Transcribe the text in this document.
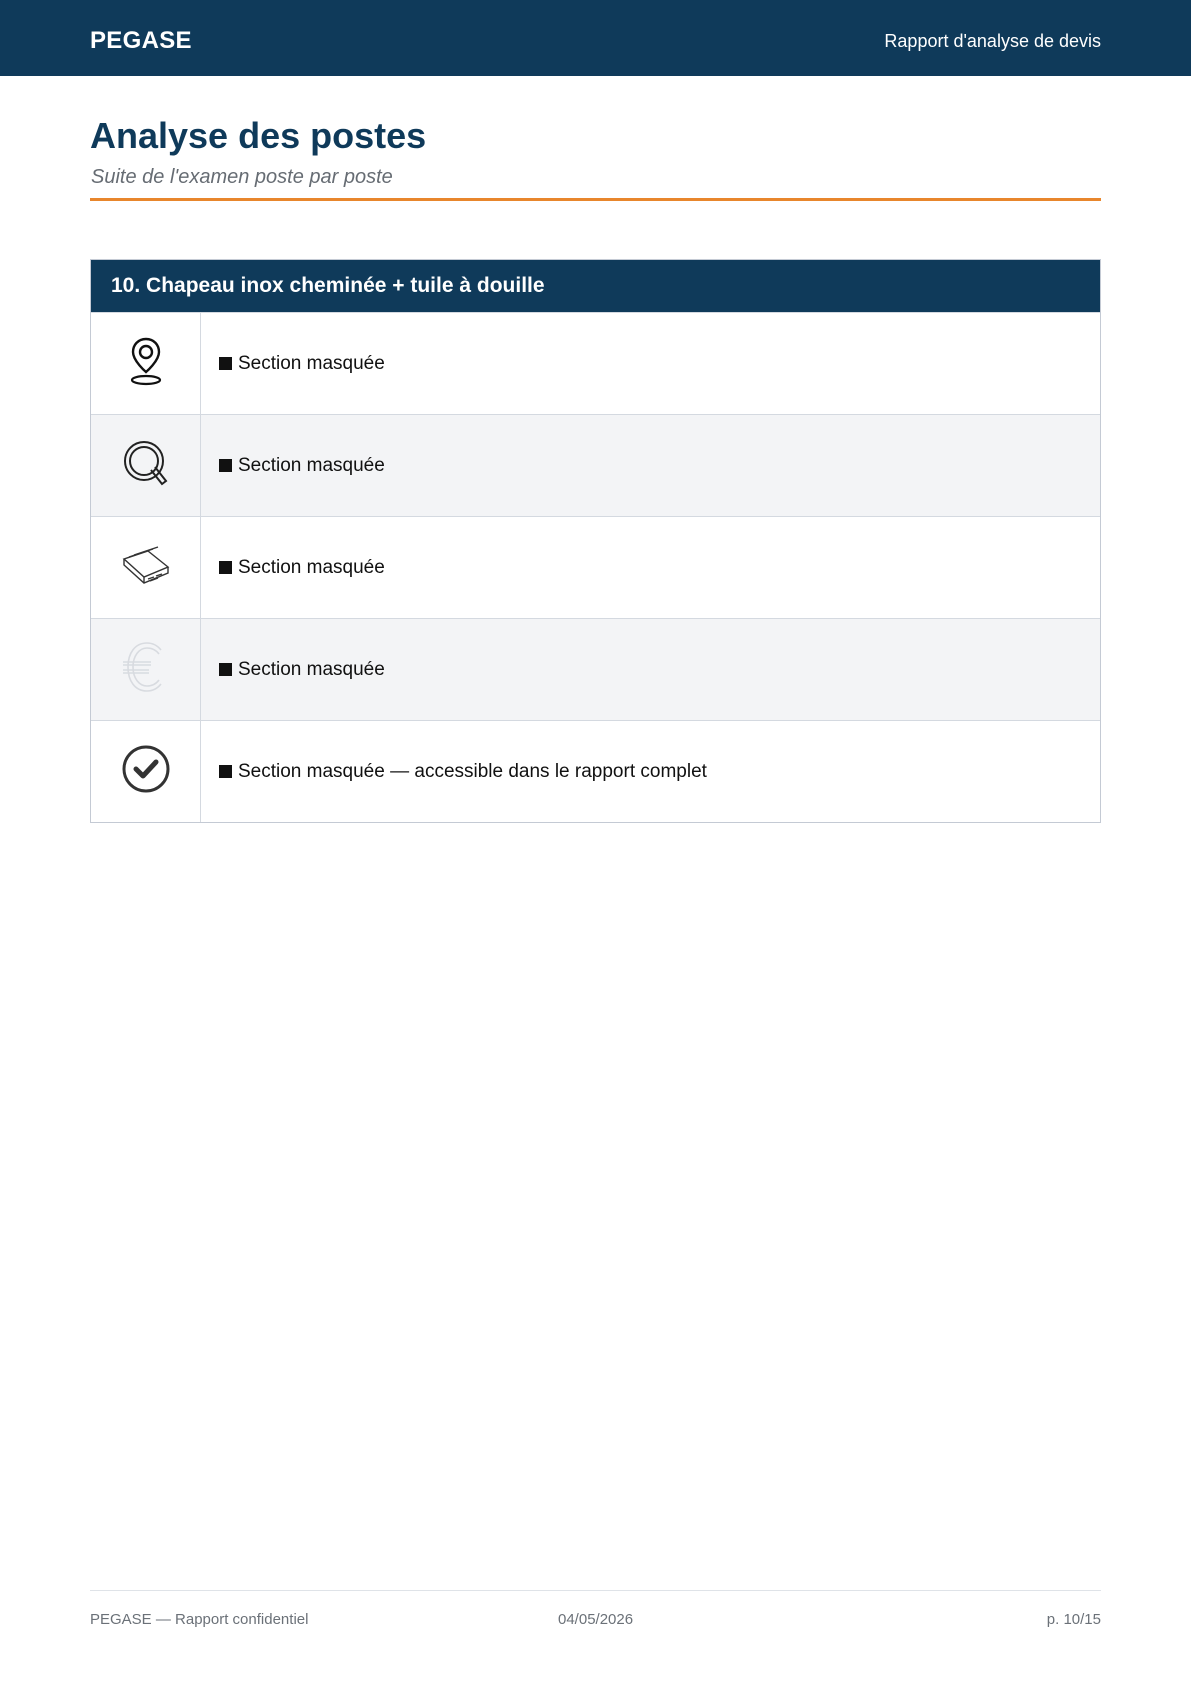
PEGASE	Rapport d'analyse de devis
Analyse des postes
Suite de l'examen poste par poste
10. Chapeau inox cheminée + tuile à douille
Section masquée
Section masquée
Section masquée
Section masquée
Section masquée — accessible dans le rapport complet
PEGASE — Rapport confidentiel	04/05/2026	p. 10/15
